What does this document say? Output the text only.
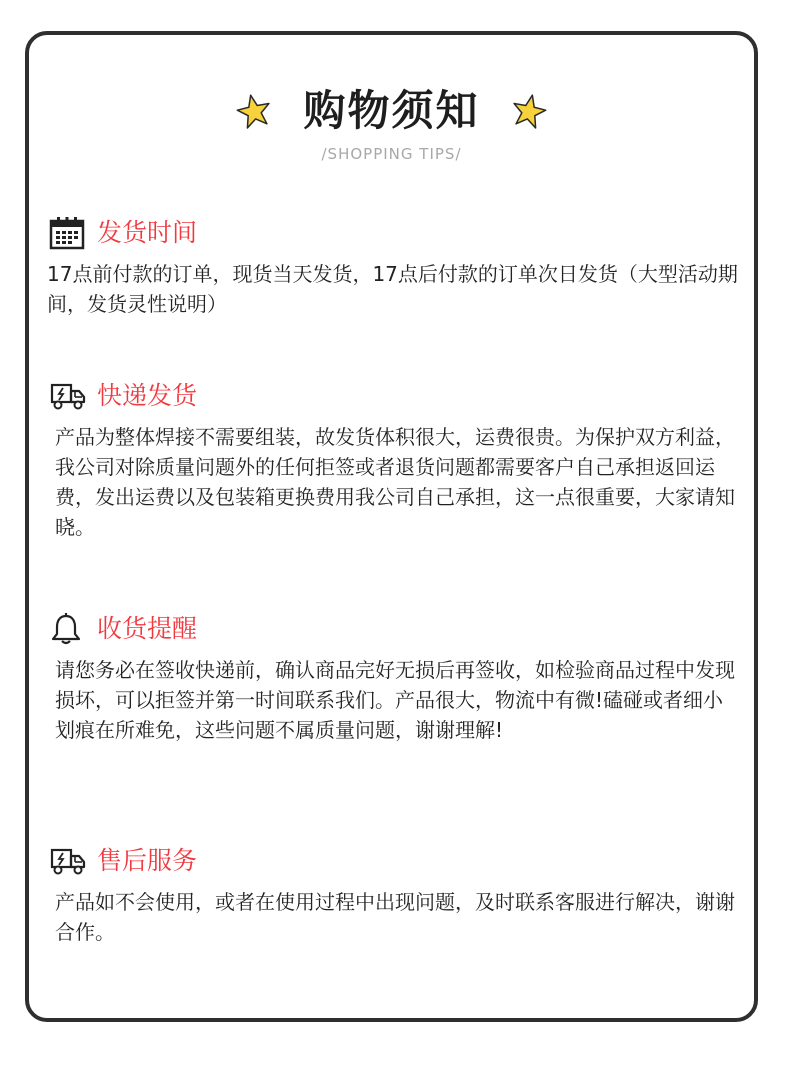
购物须知
/SHOPPING TIPS/
发货时间
17点前付款的订单，现货当天发货，17点后付款的订单次日发货（大型活动期间，发货灵性说明）
快递发货
产品为整体焊接不需要组装，故发货体积很大，运费很贵。为保护双方利益，我公司对除质量问题外的任何拒签或者退货问题都需要客户自己承担返回运费，发出运费以及包装箱更换费用我公司自己承担，这一点很重要，大家请知晓。
收货提醒
请您务必在签收快递前，确认商品完好无损后再签收，如检验商品过程中发现损坏，可以拒签并第一时间联系我们。产品很大，物流中有微!磕碰或者细小划痕在所难免，这些问题不属质量问题，谢谢理解!
售后服务
产品如不会使用，或者在使用过程中出现问题，及时联系客服进行解决，谢谢合作。
